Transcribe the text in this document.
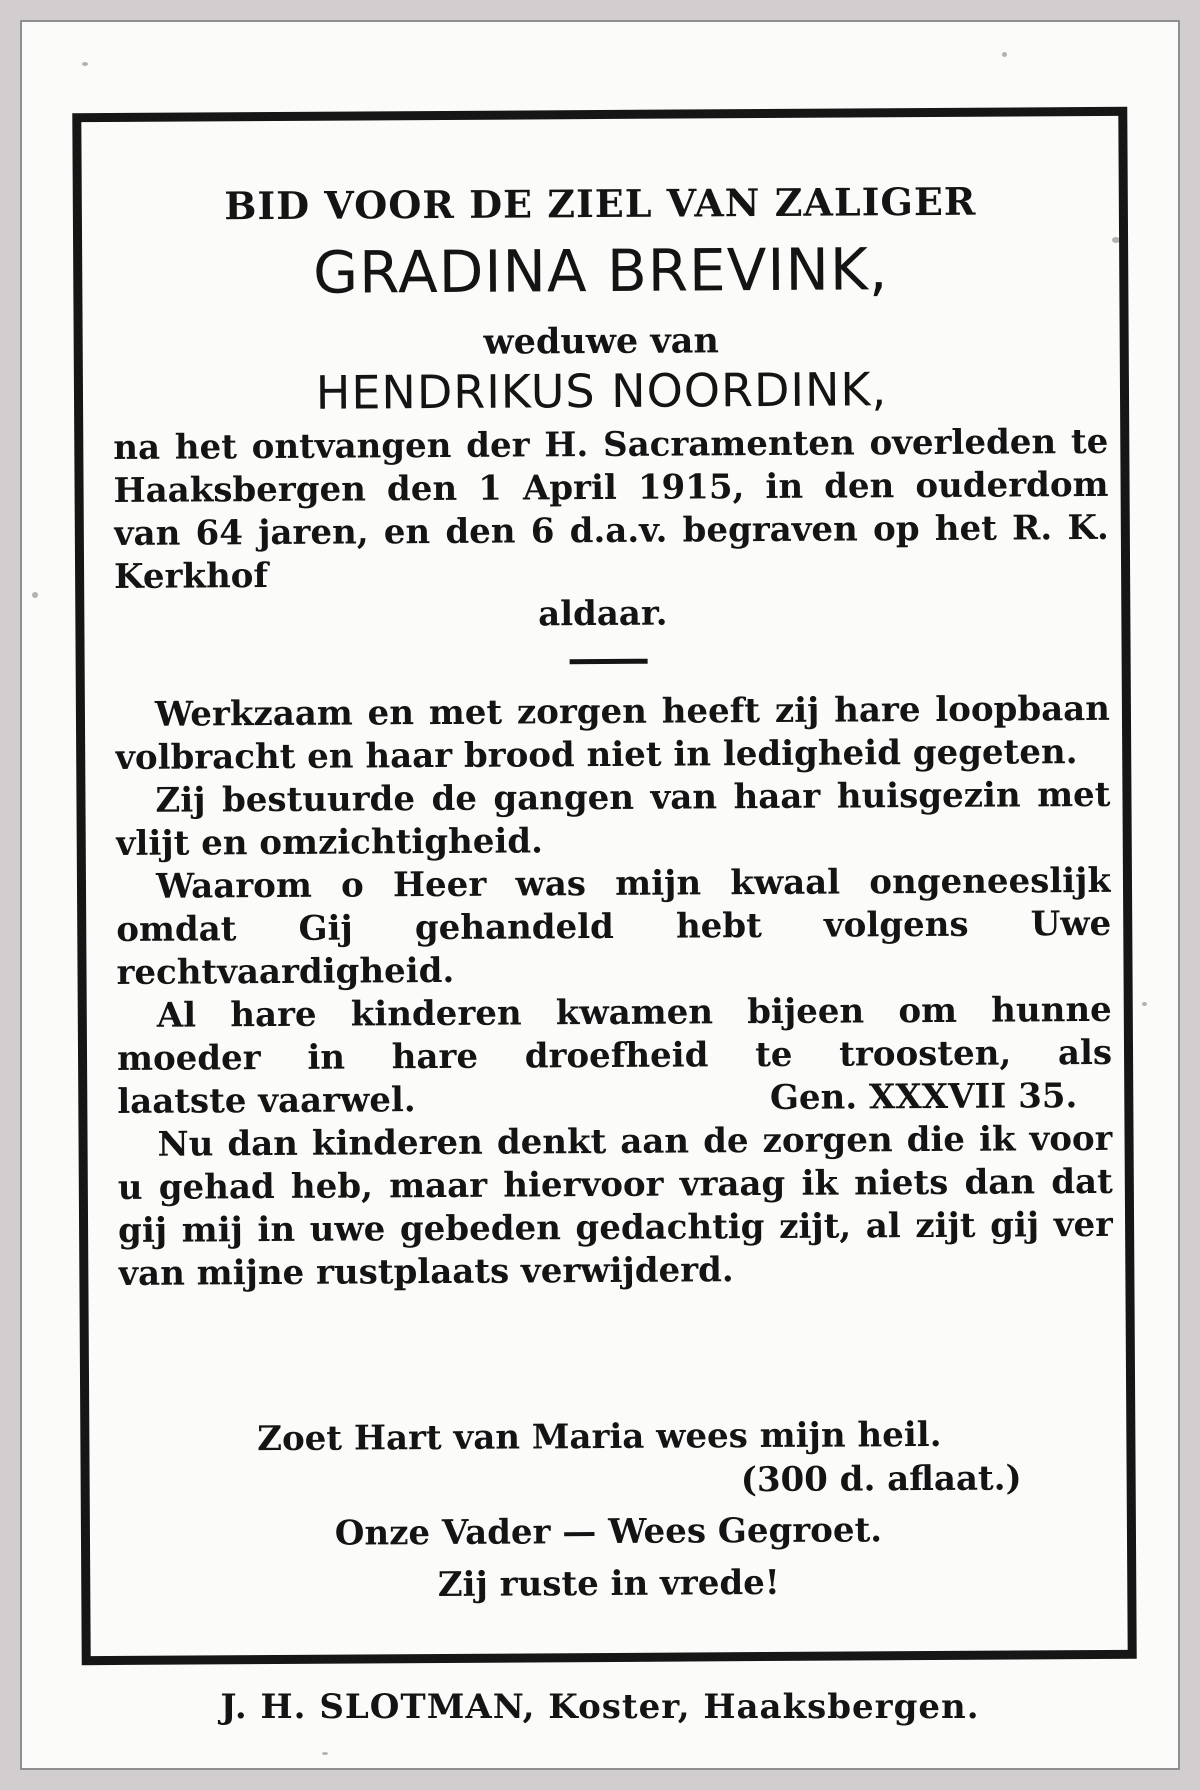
BID VOOR DE ZIEL VAN ZALIGER
GRADINA BREVINK,
weduwe van
HENDRIKUS NOORDINK,
na het ontvangen der H. Sacramenten overleden te Haaksbergen den 1 April 1915, in den ouderdom van 64 jaren, en den 6 d.a.v. begraven op het R. K. Kerkhof
aldaar.
Werkzaam en met zorgen heeft zij hare loopbaan volbracht en haar brood niet in ledigheid gegeten.
Zij bestuurde de gangen van haar huisgezin met vlijt en omzichtigheid.
Waarom o Heer was mijn kwaal ongeneeslijk omdat Gij gehandeld hebt volgens Uwe rechtvaardigheid.
Al hare kinderen kwamen bijeen om hunne moeder in hare droefheid te troosten, als
laatste vaarwel.	Gen. XXXVII 35.
Nu dan kinderen denkt aan de zorgen die ik voor u gehad heb, maar hiervoor vraag ik niets dan dat gij mij in uwe gebeden gedachtig zijt, al zijt gij ver van mijne rustplaats verwijderd.
Zoet Hart van Maria wees mijn heil.
(300 d. aflaat.)
Onze Vader — Wees Gegroet.
Zij ruste in vrede!
J. H. SLOTMAN, Koster, Haaksbergen.
